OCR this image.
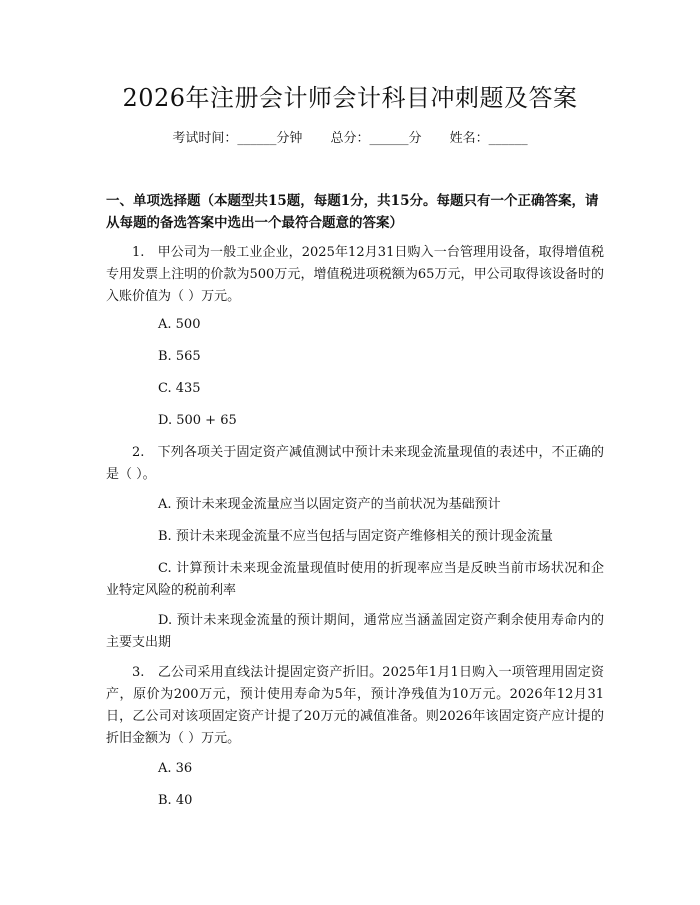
2026年注册会计师会计科目冲刺题及答案
考试时间：______分钟 总分：______分 姓名：______
一、单项选择题（本题型共15题，每题1分，共15分。每题只有一个正确答案，请从每题的备选答案中选出一个最符合题意的答案）
1.　甲公司为一般工业企业，2025年12月31日购入一台管理用设备，取得增值税专用发票上注明的价款为500万元，增值税进项税额为65万元，甲公司取得该设备时的入账价值为（ ）万元。
A. 500
B. 565
C. 435
D. 500 + 65
2.　下列各项关于固定资产减值测试中预计未来现金流量现值的表述中，不正确的是（ ）。
A. 预计未来现金流量应当以固定资产的当前状况为基础预计
B. 预计未来现金流量不应当包括与固定资产维修相关的预计现金流量
C. 计算预计未来现金流量现值时使用的折现率应当是反映当前市场状况和企业特定风险的税前利率
D. 预计未来现金流量的预计期间，通常应当涵盖固定资产剩余使用寿命内的主要支出期
3.　乙公司采用直线法计提固定资产折旧。2025年1月1日购入一项管理用固定资产，原价为200万元，预计使用寿命为5年，预计净残值为10万元。2026年12月31日，乙公司对该项固定资产计提了20万元的减值准备。则2026年该固定资产应计提的折旧金额为（ ）万元。
A. 36
B. 40
